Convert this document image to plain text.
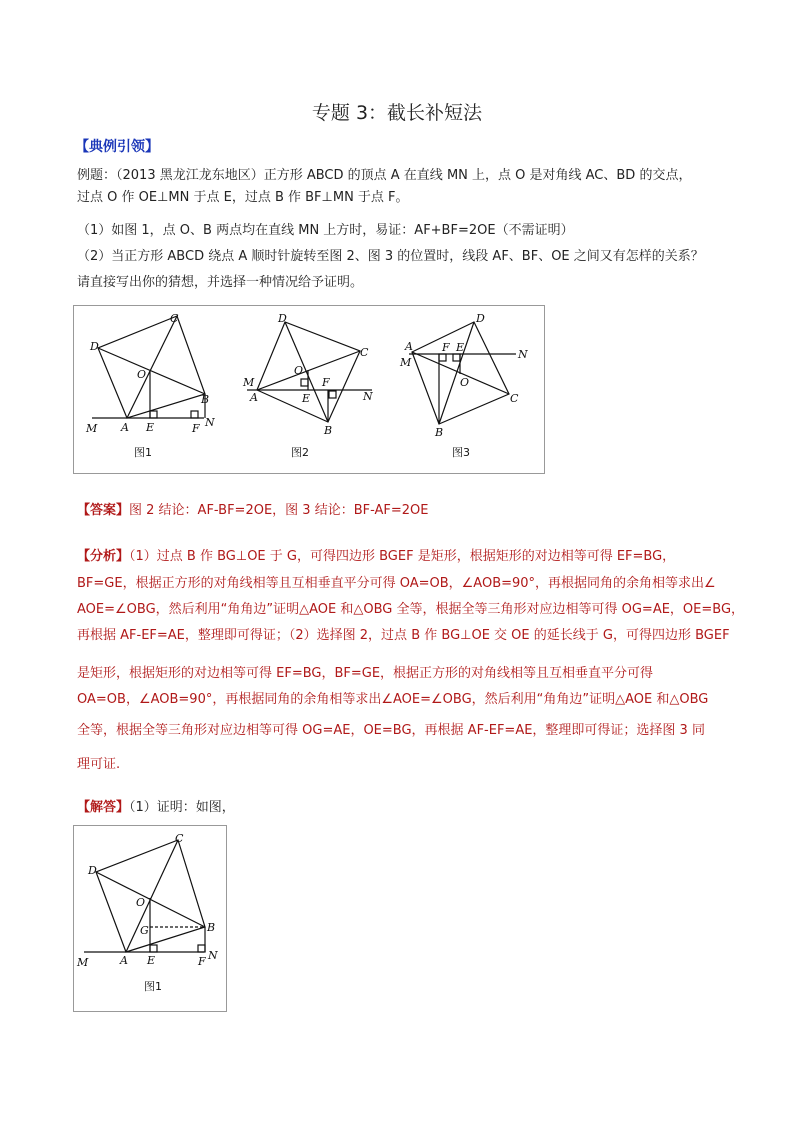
专题 3：截长补短法
【典例引领】
例题：（2013 黑龙江龙东地区）正方形 ABCD 的顶点 A 在直线 MN 上，点 O 是对角线 AC、BD 的交点，
过点 O 作 OE⊥MN 于点 E，过点 B 作 BF⊥MN 于点 F。
（1）如图 1，点 O、B 两点均在直线 MN 上方时，易证：AF+BF=2OE（不需证明）
（2）当正方形 ABCD 绕点 A 顺时针旋转至图 2、图 3 的位置时，线段 AF、BF、OE 之间又有怎样的关系？
请直接写出你的猜想，并选择一种情况给予证明。
C
D
O
B
M A E	F N
图1
D
C
O
F
M
A	E	N
B
图2
D
A
M
F E
N
O
C
B
图3
【答案】图 2 结论：AF-BF=2OE，图 3 结论：BF-AF=2OE
【分析】（1）过点 B 作 BG⊥OE 于 G，可得四边形 BGEF 是矩形，根据矩形的对边相等可得 EF=BG，
BF=GE，根据正方形的对角线相等且互相垂直平分可得 OA=OB，∠AOB=90°，再根据同角的余角相等求出∠
AOE=∠OBG，然后利用“角角边”证明△AOE 和△OBG 全等，根据全等三角形对应边相等可得 OG=AE，OE=BG，
再根据 AF-EF=AE，整理即可得证；（2）选择图 2，过点 B 作 BG⊥OE 交 OE 的延长线于 G，可得四边形 BGEF
是矩形，根据矩形的对边相等可得 EF=BG，BF=GE，根据正方形的对角线相等且互相垂直平分可得
OA=OB，∠AOB=90°，再根据同角的余角相等求出∠AOE=∠OBG，然后利用“角角边”证明△AOE 和△OBG
全等，根据全等三角形对应边相等可得 OG=AE，OE=BG，再根据 AF-EF=AE，整理即可得证；选择图 3 同
理可证.
【解答】（1）证明：如图，
C
D
O
G	B
M	A E	F N
图1
